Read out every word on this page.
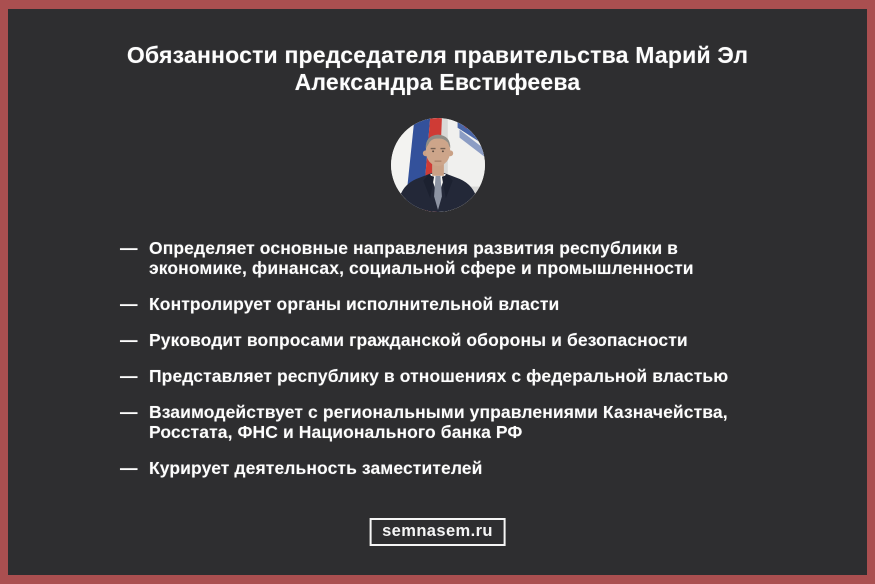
Обязанности председателя правительства Марий Эл
Александра Евстифеева
— Определяет основные направления развития республики в экономике, финансах, социальной сфере и промышленности
— Контролирует органы исполнительной власти
— Руководит вопросами гражданской обороны и безопасности
— Представляет республику в отношениях с федеральной властью
— Взаимодействует с региональными управлениями Казначейства, Росстата, ФНС и Национального банка РФ
— Курирует деятельность заместителей
semnasem.ru
